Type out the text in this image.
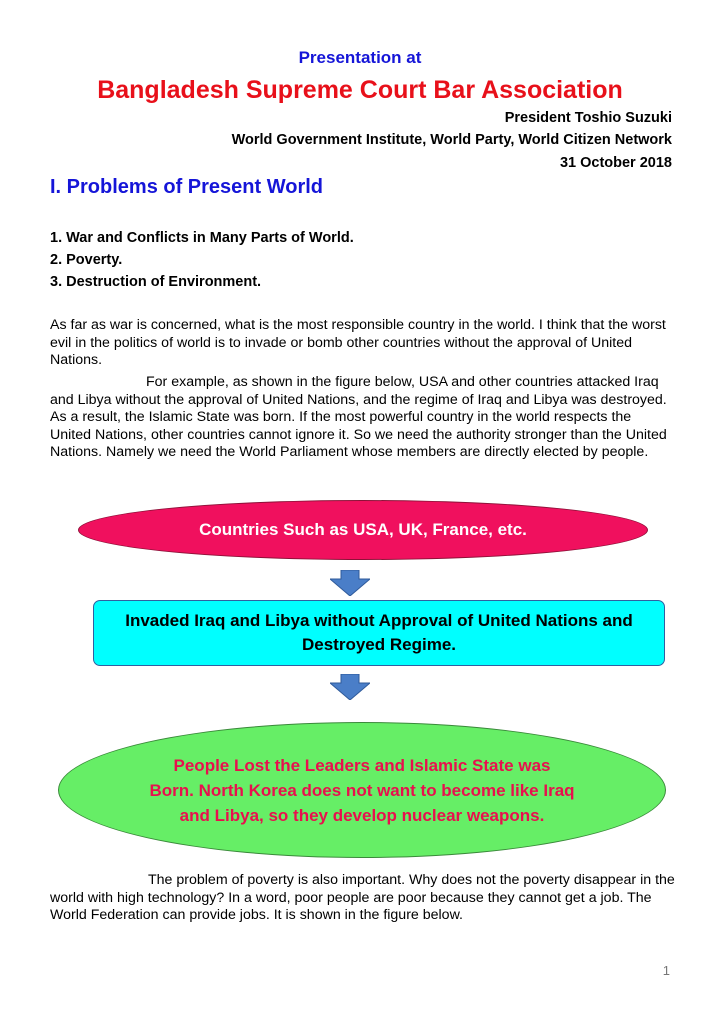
Presentation at
Bangladesh Supreme Court Bar Association
President Toshio Suzuki
World Government Institute, World Party, World Citizen Network
31 October 2018
I. Problems of Present World
1. War and Conflicts in Many Parts of World.
2. Poverty.
3. Destruction of Environment.
As far as war is concerned, what is the most responsible country in the world. I think that the worst evil in the politics of world is to invade or bomb other countries without the approval of United Nations.
For example, as shown in the figure below, USA and other countries attacked Iraq and Libya without the approval of United Nations, and the regime of Iraq and Libya was destroyed. As a result, the Islamic State was born. If the most powerful country in the world respects the United Nations, other countries cannot ignore it. So we need the authority stronger than the United Nations. Namely we need the World Parliament whose members are directly elected by people.
Countries Such as USA, UK, France, etc.
Invaded Iraq and Libya without Approval of United Nations and Destroyed Regime.
People Lost the Leaders and Islamic State was Born. North Korea does not want to become like Iraq and Libya, so they develop nuclear weapons.
The problem of poverty is also important. Why does not the poverty disappear in the world with high technology? In a word, poor people are poor because they cannot get a job. The World Federation can provide jobs. It is shown in the figure below.
1
